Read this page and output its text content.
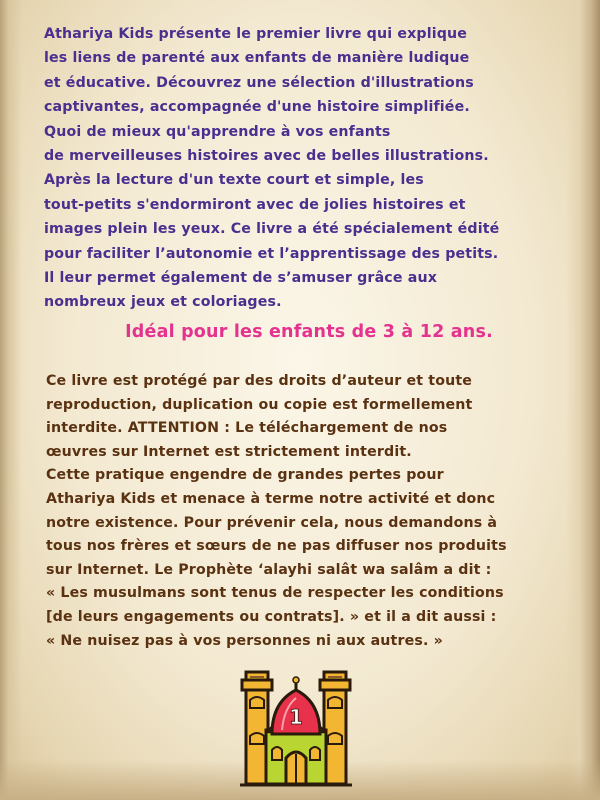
Athariya Kids présente le premier livre qui explique
les liens de parenté aux enfants de manière ludique
et éducative. Découvrez une sélection d'illustrations
captivantes, accompagnée d'une histoire simplifiée.
Quoi de mieux qu'apprendre à vos enfants
de merveilleuses histoires avec de belles illustrations.
Après la lecture d'un texte court et simple, les
tout-petits s'endormiront avec de jolies histoires et
images plein les yeux. Ce livre a été spécialement édité
pour faciliter l’autonomie et l’apprentissage des petits.
Il leur permet également de s’amuser grâce aux
nombreux jeux et coloriages.
Idéal pour les enfants de 3 à 12 ans.
Ce livre est protégé par des droits d’auteur et toute
reproduction, duplication ou copie est formellement
interdite. ATTENTION : Le téléchargement de nos
œuvres sur Internet est strictement interdit.
Cette pratique engendre de grandes pertes pour
Athariya Kids et menace à terme notre activité et donc
notre existence. Pour prévenir cela, nous demandons à
tous nos frères et sœurs de ne pas diffuser nos produits
sur Internet. Le Prophète ‘alayhi salât wa salâm a dit :
« Les musulmans sont tenus de respecter les conditions
[de leurs engagements ou contrats]. » et il a dit aussi :
« Ne nuisez pas à vos personnes ni aux autres. »
1
